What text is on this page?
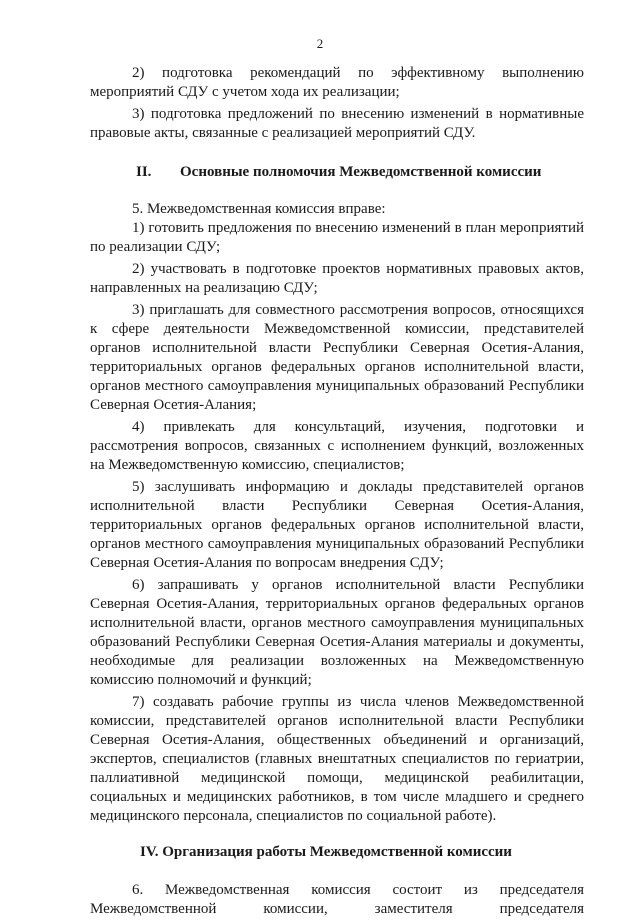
2

2) подготовка рекомендаций по эффективному выполнению мероприятий СДУ с учетом хода их реализации;

3) подготовка предложений по внесению изменений в нормативные правовые акты, связанные с реализацией мероприятий СДУ.

II. Основные полномочия Межведомственной комиссии

5. Межведомственная комиссия вправе:

1) готовить предложения по внесению изменений в план мероприятий по реализации СДУ;

2) участвовать в подготовке проектов нормативных правовых актов, направленных на реализацию СДУ;

3) приглашать для совместного рассмотрения вопросов, относящихся к сфере деятельности Межведомственной комиссии, представителей органов исполнительной власти Республики Северная Осетия-Алания, территориальных органов федеральных органов исполнительной власти, органов местного самоуправления муниципальных образований Республики Северная Осетия-Алания;

4) привлекать для консультаций, изучения, подготовки и рассмотрения вопросов, связанных с исполнением функций, возложенных на Межведомственную комиссию, специалистов;

5) заслушивать информацию и доклады представителей органов исполнительной власти Республики Северная Осетия-Алания, территориальных органов федеральных органов исполнительной власти, органов местного самоуправления муниципальных образований Республики Северная Осетия-Алания по вопросам внедрения СДУ;

6) запрашивать у органов исполнительной власти Республики Северная Осетия-Алания, территориальных органов федеральных органов исполнительной власти, органов местного самоуправления муниципальных образований Республики Северная Осетия-Алания материалы и документы, необходимые для реализации возложенных на Межведомственную комиссию полномочий и функций;

7) создавать рабочие группы из числа членов Межведомственной комиссии, представителей органов исполнительной власти Республики Северная Осетия-Алания, общественных объединений и организаций, экспертов, специалистов (главных внештатных специалистов по гериатрии, паллиативной медицинской помощи, медицинской реабилитации, социальных и медицинских работников, в том числе младшего и среднего медицинского персонала, специалистов по социальной работе).

IV. Организация работы Межведомственной комиссии

6. Межведомственная комиссия состоит из председателя Межведомственной комиссии, заместителя председателя
